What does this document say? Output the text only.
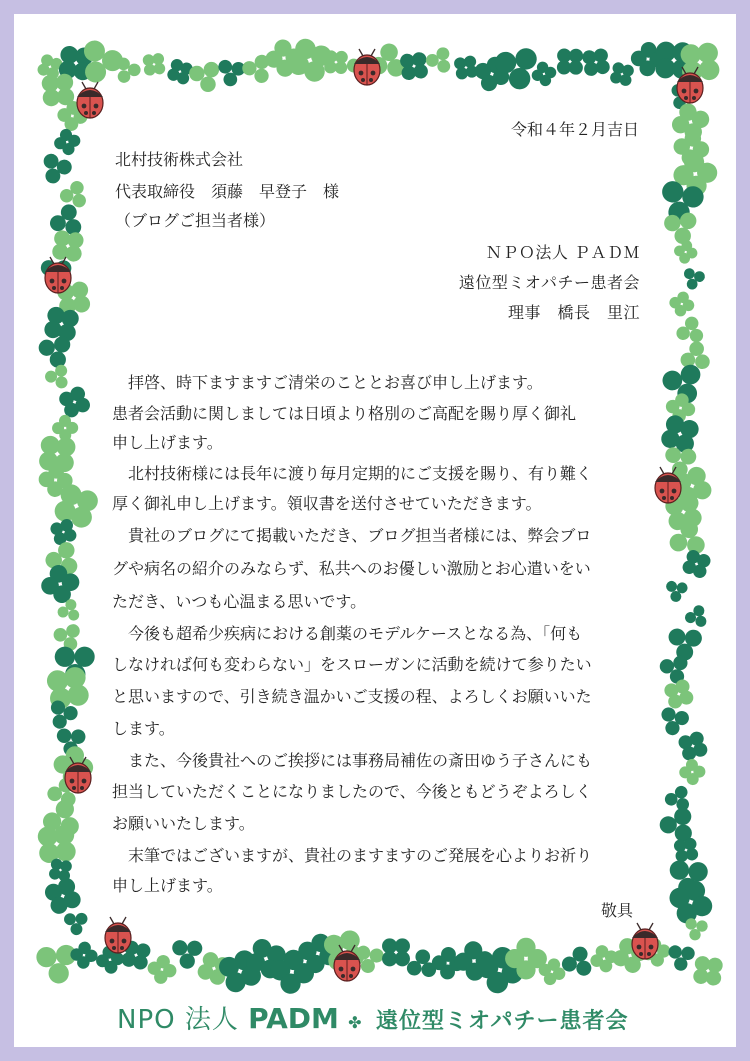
令和４年２月吉日
北村技術株式会社
代表取締役　須藤　早登子　様
（ブログご担当者様）
ＮＰＯ法人 ＰＡＤＭ
遠位型ミオパチー患者会
理事　橋長　里江
　拝啓、時下ますますご清栄のこととお喜び申し上げます。
患者会活動に関しましては日頃より格別のご高配を賜り厚く御礼
申し上げます。
　北村技術様には長年に渡り毎月定期的にご支援を賜り、有り難く
厚く御礼申し上げます。領収書を送付させていただきます。
　貴社のブログにて掲載いただき、ブログ担当者様には、弊会ブロ
グや病名の紹介のみならず、私共へのお優しい激励とお心遣いをい
ただき、いつも心温まる思いです。
　今後も超希少疾病における創薬のモデルケースとなる為、「何も
しなければ何も変わらない」をスローガンに活動を続けて参りたい
と思いますので、引き続き温かいご支援の程、よろしくお願いいた
します。
　また、今後貴社へのご挨拶には事務局補佐の斎田ゆう子さんにも
担当していただくことになりましたので、今後ともどうぞよろしく
お願いいたします。
　末筆ではございますが、貴社のますますのご発展を心よりお祈り
申し上げます。
敬具
NPO 法人 PADM ✤ 遠位型ミオパチー患者会
